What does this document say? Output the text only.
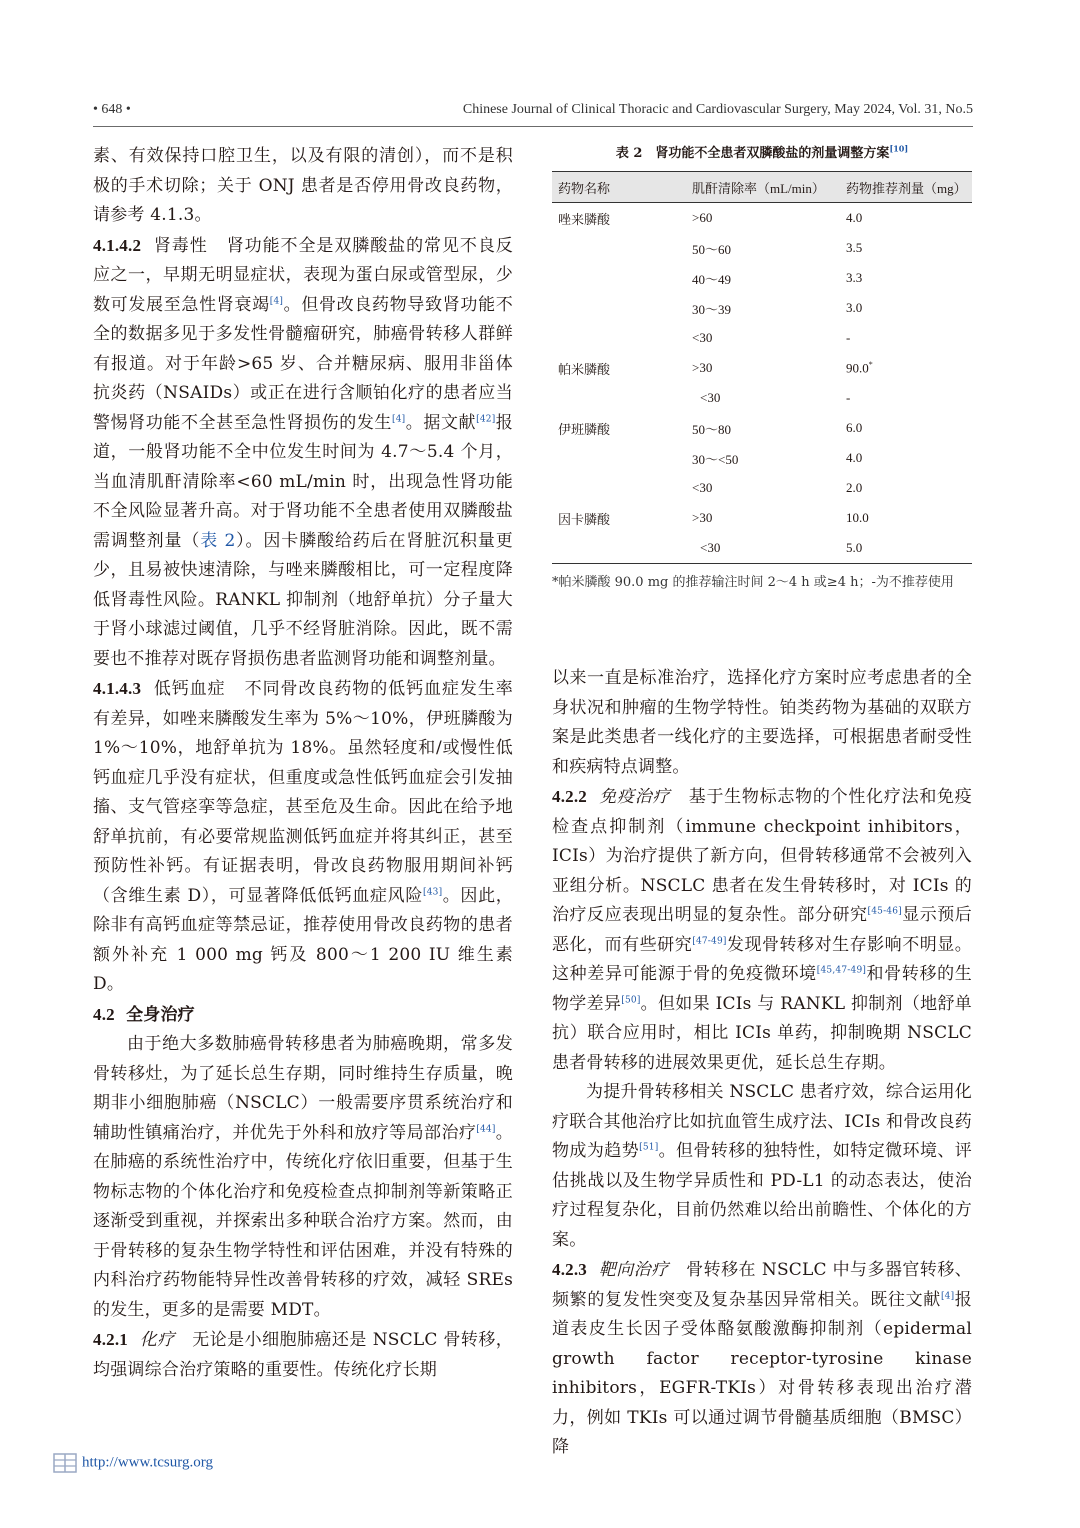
• 648 •	Chinese Journal of Clinical Thoracic and Cardiovascular Surgery, May 2024, Vol. 31, No.5

素、有效保持口腔卫生，以及有限的清创），而不是积极的手术切除；关于 ONJ 患者是否停用骨改良药物，请参考 4.1.3。

4.1.4.2 肾毒性 肾功能不全是双膦酸盐的常见不良反应之一，早期无明显症状，表现为蛋白尿或管型尿，少数可发展至急性肾衰竭[4]。但骨改良药物导致肾功能不全的数据多见于多发性骨髓瘤研究，肺癌骨转移人群鲜有报道。对于年龄>65 岁、合并糖尿病、服用非甾体抗炎药（NSAIDs）或正在进行含顺铂化疗的患者应当警惕肾功能不全甚至急性肾损伤的发生[4]。据文献[42]报道，一般肾功能不全中位发生时间为 4.7～5.4 个月，当血清肌酐清除率<60 mL/min 时，出现急性肾功能不全风险显著升高。对于肾功能不全患者使用双膦酸盐需调整剂量（表 2）。因卡膦酸给药后在肾脏沉积量更少，且易被快速清除，与唑来膦酸相比，可一定程度降低肾毒性风险。RANKL 抑制剂（地舒单抗）分子量大于肾小球滤过阈值，几乎不经肾脏消除。因此，既不需要也不推荐对既存肾损伤患者监测肾功能和调整剂量。

4.1.4.3 低钙血症 不同骨改良药物的低钙血症发生率有差异，如唑来膦酸发生率为 5%～10%，伊班膦酸为 1%～10%，地舒单抗为 18%。虽然轻度和/或慢性低钙血症几乎没有症状，但重度或急性低钙血症会引发抽搐、支气管痉挛等急症，甚至危及生命。因此在给予地舒单抗前，有必要常规监测低钙血症并将其纠正，甚至预防性补钙。有证据表明，骨改良药物服用期间补钙（含维生素 D），可显著降低低钙血症风险[43]。因此，除非有高钙血症等禁忌证，推荐使用骨改良药物的患者额外补充 1 000 mg 钙及 800～1 200 IU 维生素 D。

4.2 全身治疗

由于绝大多数肺癌骨转移患者为肺癌晚期，常多发骨转移灶，为了延长总生存期，同时维持生存质量，晚期非小细胞肺癌（NSCLC）一般需要序贯系统治疗和辅助性镇痛治疗，并优先于外科和放疗等局部治疗[44]。在肺癌的系统性治疗中，传统化疗依旧重要，但基于生物标志物的个体化治疗和免疫检查点抑制剂等新策略正逐渐受到重视，并探索出多种联合治疗方案。然而，由于骨转移的复杂生物学特性和评估困难，并没有特殊的内科治疗药物能特异性改善骨转移的疗效，减轻 SREs 的发生，更多的是需要 MDT。

4.2.1 化疗 无论是小细胞肺癌还是 NSCLC 骨转移，均强调综合治疗策略的重要性。传统化疗长期

表 2　肾功能不全患者双膦酸盐的剂量调整方案[10]
药物名称	肌酐清除率（mL/min）	药物推荐剂量（mg）
唑来膦酸	>60	4.0
	50～60	3.5
	40～49	3.3
	30～39	3.0
	<30	-
帕米膦酸	>30	90.0*
	<30	-
伊班膦酸	50～80	6.0
	30～<50	4.0
	<30	2.0
因卡膦酸	>30	10.0
	<30	5.0
*帕米膦酸 90.0 mg 的推荐输注时间 2～4 h 或≥4 h；-为不推荐使用

以来一直是标准治疗，选择化疗方案时应考虑患者的全身状况和肿瘤的生物学特性。铂类药物为基础的双联方案是此类患者一线化疗的主要选择，可根据患者耐受性和疾病特点调整。

4.2.2 免疫治疗 基于生物标志物的个性化疗法和免疫检查点抑制剂（immune checkpoint inhibitors，ICIs）为治疗提供了新方向，但骨转移通常不会被列入亚组分析。NSCLC 患者在发生骨转移时，对 ICIs 的治疗反应表现出明显的复杂性。部分研究[45-46]显示预后恶化，而有些研究[47-49]发现骨转移对生存影响不明显。这种差异可能源于骨的免疫微环境[45,47-49]和骨转移的生物学差异[50]。但如果 ICIs 与 RANKL 抑制剂（地舒单抗）联合应用时，相比 ICIs 单药，抑制晚期 NSCLC 患者骨转移的进展效果更优，延长总生存期。

为提升骨转移相关 NSCLC 患者疗效，综合运用化疗联合其他治疗比如抗血管生成疗法、ICIs 和骨改良药物成为趋势[51]。但骨转移的独特性，如特定微环境、评估挑战以及生物学异质性和 PD-L1 的动态表达，使治疗过程复杂化，目前仍然难以给出前瞻性、个体化的方案。

4.2.3 靶向治疗 骨转移在 NSCLC 中与多器官转移、频繁的复发性突变及复杂基因异常相关。既往文献[4]报道表皮生长因子受体酪氨酸激酶抑制剂（epidermal growth factor receptor-tyrosine kinase inhibitors，EGFR-TKIs）对骨转移表现出治疗潜力，例如 TKIs 可以通过调节骨髓基质细胞（BMSC）降

http://www.tcsurg.org
